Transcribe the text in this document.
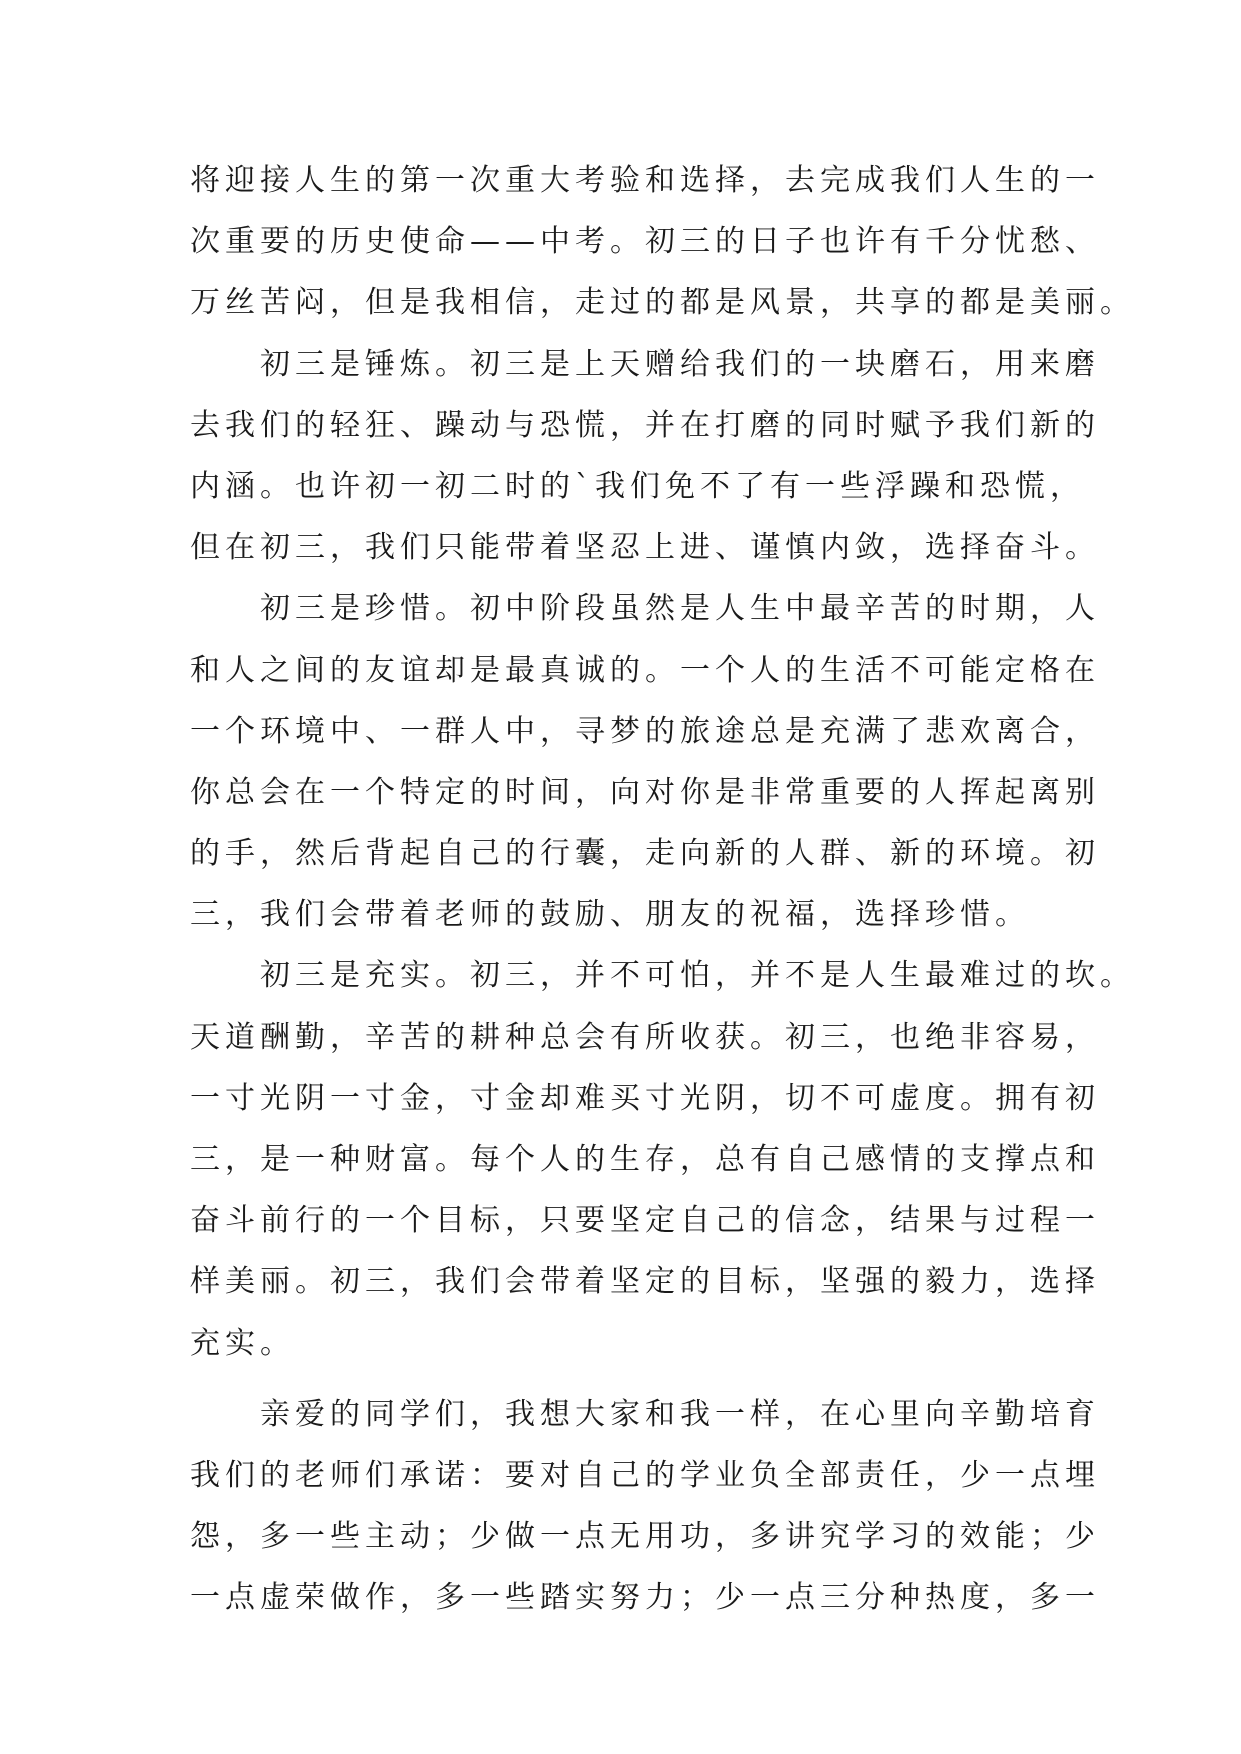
将迎接人生的第一次重大考验和选择，去完成我们人生的一
次重要的历史使命——中考。初三的日子也许有千分忧愁、
万丝苦闷，但是我相信，走过的都是风景，共享的都是美丽。
初三是锤炼。初三是上天赠给我们的一块磨石，用来磨
去我们的轻狂、躁动与恐慌，并在打磨的同时赋予我们新的
内涵。也许初一初二时的`我们免不了有一些浮躁和恐慌，
但在初三，我们只能带着坚忍上进、谨慎内敛，选择奋斗。
初三是珍惜。初中阶段虽然是人生中最辛苦的时期，人
和人之间的友谊却是最真诚的。一个人的生活不可能定格在
一个环境中、一群人中，寻梦的旅途总是充满了悲欢离合，
你总会在一个特定的时间，向对你是非常重要的人挥起离别
的手，然后背起自己的行囊，走向新的人群、新的环境。初
三，我们会带着老师的鼓励、朋友的祝福，选择珍惜。
初三是充实。初三，并不可怕，并不是人生最难过的坎。
天道酬勤，辛苦的耕种总会有所收获。初三，也绝非容易，
一寸光阴一寸金，寸金却难买寸光阴，切不可虚度。拥有初
三，是一种财富。每个人的生存，总有自己感情的支撑点和
奋斗前行的一个目标，只要坚定自己的信念，结果与过程一
样美丽。初三，我们会带着坚定的目标，坚强的毅力，选择
充实。
亲爱的同学们，我想大家和我一样，在心里向辛勤培育
我们的老师们承诺：要对自己的学业负全部责任，少一点埋
怨，多一些主动；少做一点无用功，多讲究学习的效能；少
一点虚荣做作，多一些踏实努力；少一点三分种热度，多一
